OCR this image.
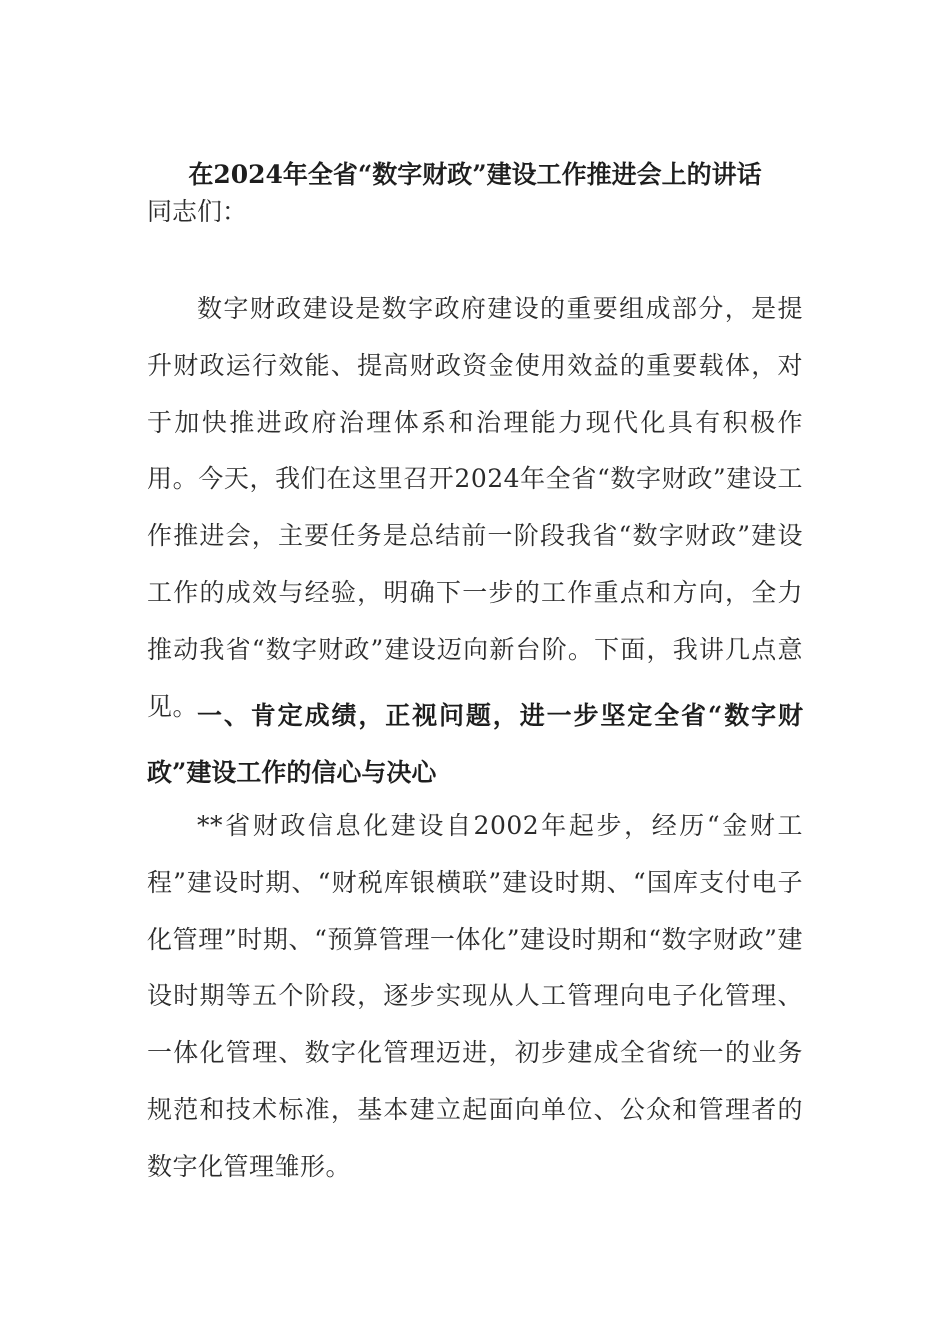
在2024年全省“数字财政”建设工作推进会上的讲话
同志们：
数字财政建设是数字政府建设的重要组成部分，是提升财政运行效能、提高财政资金使用效益的重要载体，对于加快推进政府治理体系和治理能力现代化具有积极作用。今天，我们在这里召开2024年全省“数字财政”建设工作推进会，主要任务是总结前一阶段我省“数字财政”建设工作的成效与经验，明确下一步的工作重点和方向，全力推动我省“数字财政”建设迈向新台阶。下面，我讲几点意见。
一、肯定成绩，正视问题，进一步坚定全省“数字财政”建设工作的信心与决心
**省财政信息化建设自2002年起步，经历“金财工程”建设时期、“财税库银横联”建设时期、“国库支付电子化管理”时期、“预算管理一体化”建设时期和“数字财政”建设时期等五个阶段，逐步实现从人工管理向电子化管理、一体化管理、数字化管理迈进，初步建成全省统一的业务规范和技术标准，基本建立起面向单位、公众和管理者的数字化管理雏形。
